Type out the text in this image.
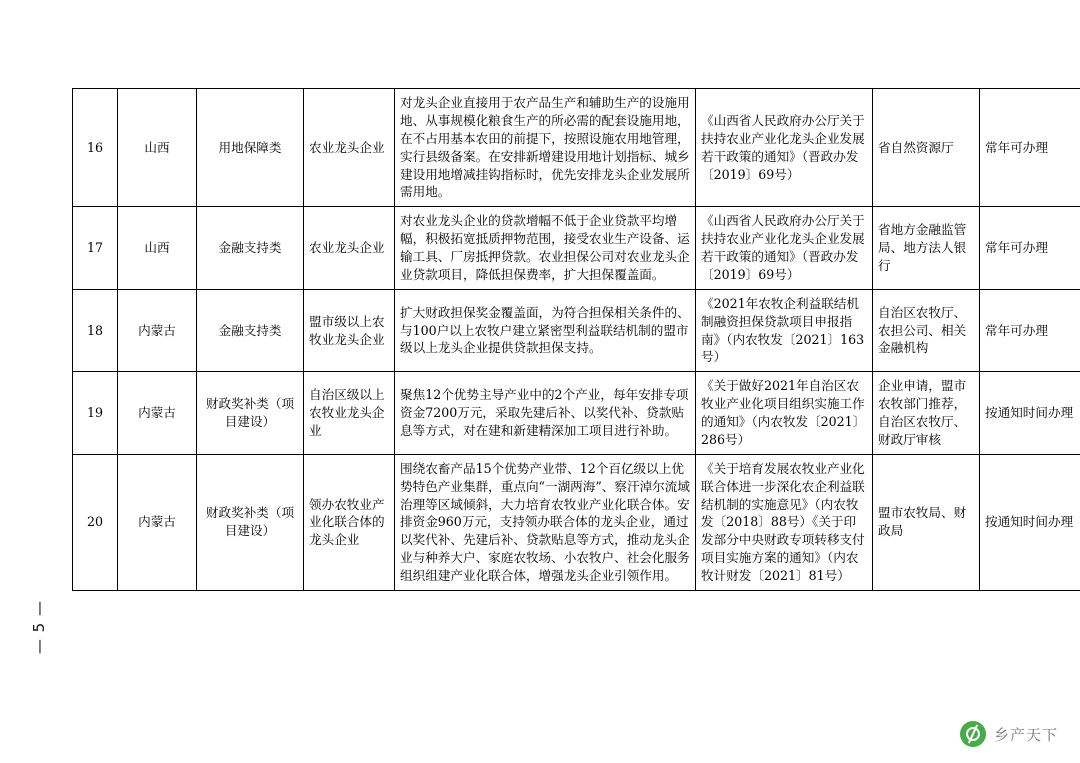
— 5 —
16	山西	用地保障类	农业龙头企业	对龙头企业直接用于农产品生产和辅助生产的设施用地、从事规模化粮食生产的所必需的配套设施用地，在不占用基本农田的前提下，按照设施农用地管理，实行县级备案。在安排新增建设用地计划指标、城乡建设用地增减挂钩指标时，优先安排龙头企业发展所需用地。	《山西省人民政府办公厅关于扶持农业产业化龙头企业发展若干政策的通知》（晋政办发〔2019〕69号）	省自然资源厅	常年可办理
17	山西	金融支持类	农业龙头企业	对农业龙头企业的贷款增幅不低于企业贷款平均增幅，积极拓宽抵质押物范围，接受农业生产设备、运输工具、厂房抵押贷款。农业担保公司对农业龙头企业贷款项目，降低担保费率，扩大担保覆盖面。	《山西省人民政府办公厅关于扶持农业产业化龙头企业发展若干政策的通知》（晋政办发〔2019〕69号）	省地方金融监管局、地方法人银行	常年可办理
18	内蒙古	金融支持类	盟市级以上农牧业龙头企业	扩大财政担保奖金覆盖面，为符合担保相关条件的、与100户以上农牧户建立紧密型利益联结机制的盟市级以上龙头企业提供贷款担保支持。	《2021年农牧企利益联结机制融资担保贷款项目申报指南》（内农牧发〔2021〕163号）	自治区农牧厅、农担公司、相关金融机构	常年可办理
19	内蒙古	财政奖补类（项目建设）	自治区级以上农牧业龙头企业	聚焦12个优势主导产业中的2个产业，每年安排专项资金7200万元，采取先建后补、以奖代补、贷款贴息等方式，对在建和新建精深加工项目进行补助。	《关于做好2021年自治区农牧业产业化项目组织实施工作的通知》（内农牧发〔2021〕286号）	企业申请，盟市农牧部门推荐，自治区农牧厅、财政厅审核	按通知时间办理
20	内蒙古	财政奖补类（项目建设）	领办农牧业产业化联合体的龙头企业	围绕农畜产品15个优势产业带、12个百亿级以上优势特色产业集群，重点向“一湖两海”、察汗淖尔流域治理等区域倾斜，大力培育农牧业产业化联合体。安排资金960万元，支持领办联合体的龙头企业，通过以奖代补、先建后补、贷款贴息等方式，推动龙头企业与种养大户、家庭农牧场、小农牧户、社会化服务组织组建产业化联合体，增强龙头企业引领作用。	《关于培育发展农牧业产业化联合体进一步深化农企利益联结机制的实施意见》（内农牧发〔2018〕88号）《关于印发部分中央财政专项转移支付项目实施方案的通知》（内农牧计财发〔2021〕81号）	盟市农牧局、财政局	按通知时间办理
乡产天下
